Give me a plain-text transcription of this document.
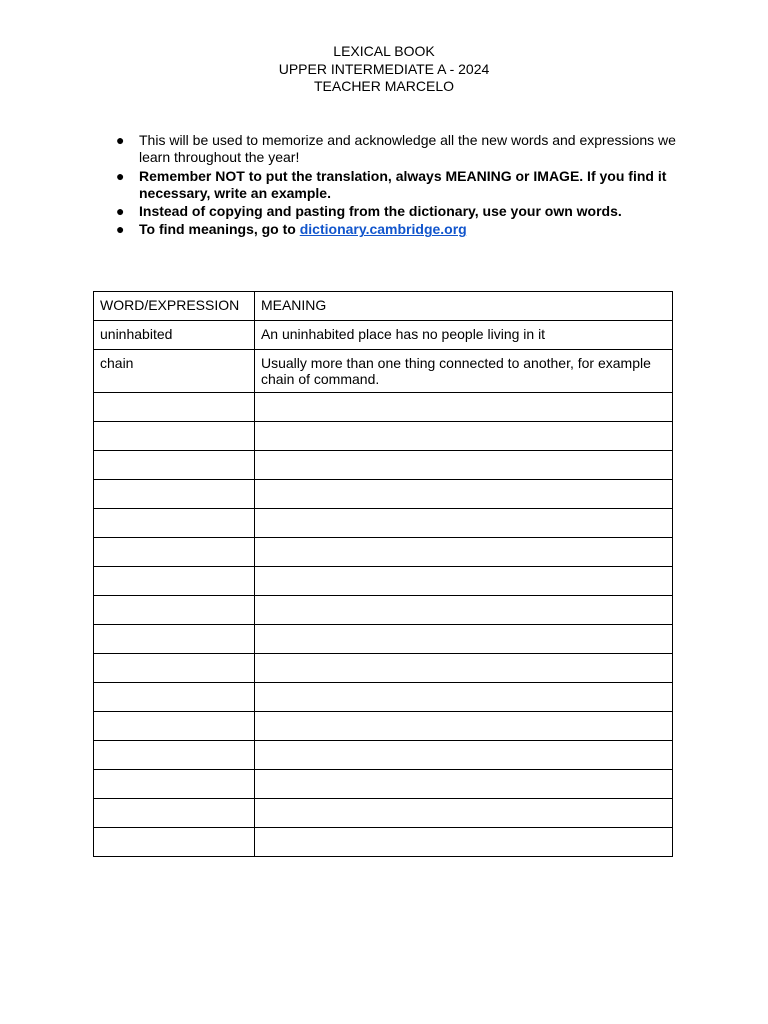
LEXICAL BOOK
UPPER INTERMEDIATE A - 2024
TEACHER MARCELO
● This will be used to memorize and acknowledge all the new words and expressions we learn throughout the year!
● Remember NOT to put the translation, always MEANING or IMAGE. If you find it necessary, write an example.
● Instead of copying and pasting from the dictionary, use your own words.
● To find meanings, go to dictionary.cambridge.org
WORD/EXPRESSION	MEANING
uninhabited	An uninhabited place has no people living in it
chain	Usually more than one thing connected to another, for example chain of command.
